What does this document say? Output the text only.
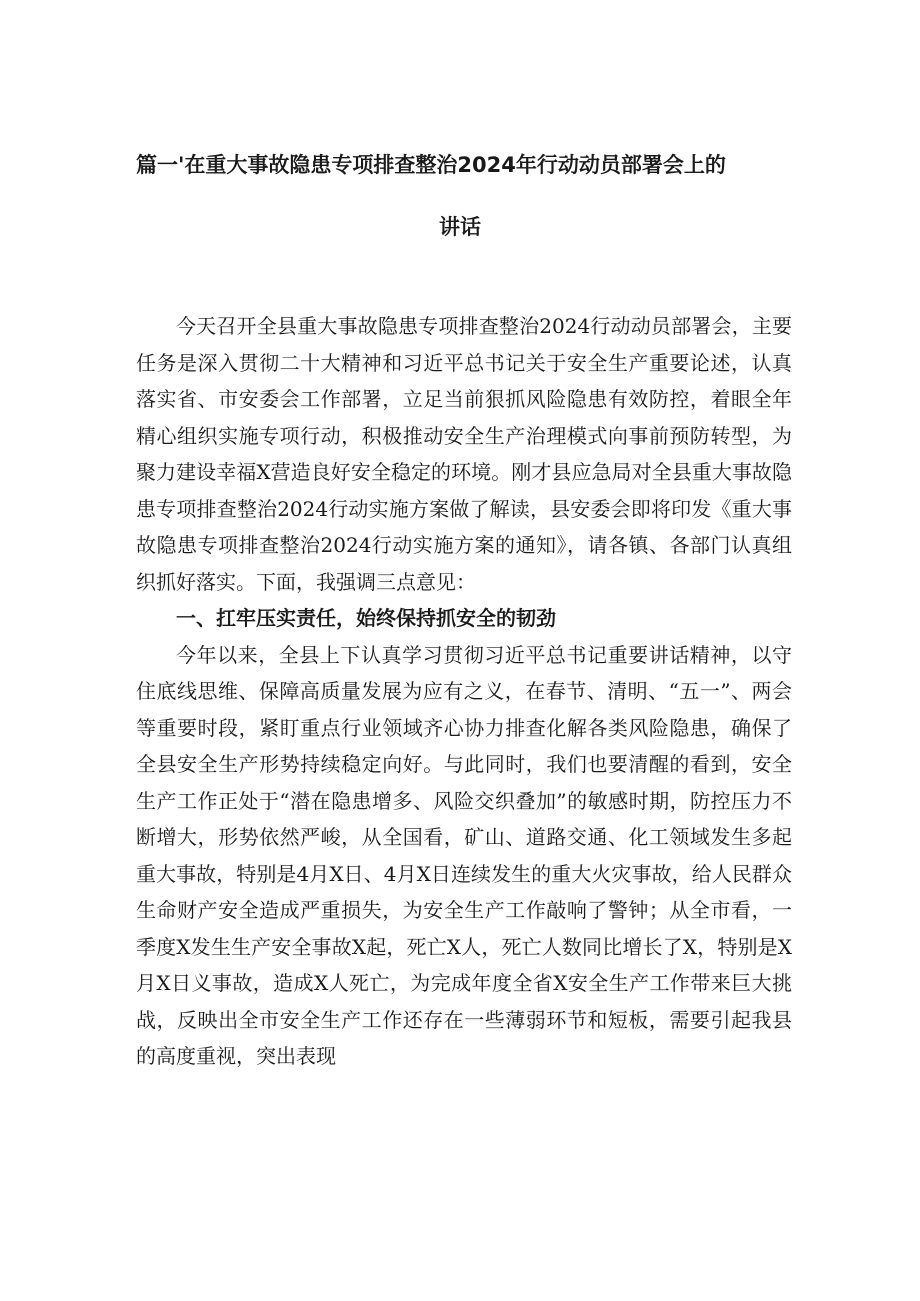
篇一'在重大事故隐患专项排查整治2024年行动动员部署会上的
讲话

今天召开全县重大事故隐患专项排查整治2024行动动员部署会，主要任务是深入贯彻二十大精神和习近平总书记关于安全生产重要论述，认真落实省、市安委会工作部署，立足当前狠抓风险隐患有效防控，着眼全年精心组织实施专项行动，积极推动安全生产治理模式向事前预防转型，为聚力建设幸福X营造良好安全稳定的环境。刚才县应急局对全县重大事故隐患专项排查整治2024行动实施方案做了解读，县安委会即将印发《重大事故隐患专项排查整治2024行动实施方案的通知》，请各镇、各部门认真组织抓好落实。下面，我强调三点意见：

一、扛牢压实责任，始终保持抓安全的韧劲

今年以来，全县上下认真学习贯彻习近平总书记重要讲话精神，以守住底线思维、保障高质量发展为应有之义，在春节、清明、“五一”、两会等重要时段，紧盯重点行业领域齐心协力排查化解各类风险隐患，确保了全县安全生产形势持续稳定向好。与此同时，我们也要清醒的看到，安全生产工作正处于“潜在隐患增多、风险交织叠加”的敏感时期，防控压力不断增大，形势依然严峻，从全国看，矿山、道路交通、化工领域发生多起重大事故，特别是4月X日、4月X日连续发生的重大火灾事故，给人民群众生命财产安全造成严重损失，为安全生产工作敲响了警钟；从全市看，一季度X发生生产安全事故X起，死亡X人，死亡人数同比增长了X，特别是X月X日义事故，造成X人死亡，为完成年度全省X安全生产工作带来巨大挑战，反映出全市安全生产工作还存在一些薄弱环节和短板，需要引起我县的高度重视，突出表现
